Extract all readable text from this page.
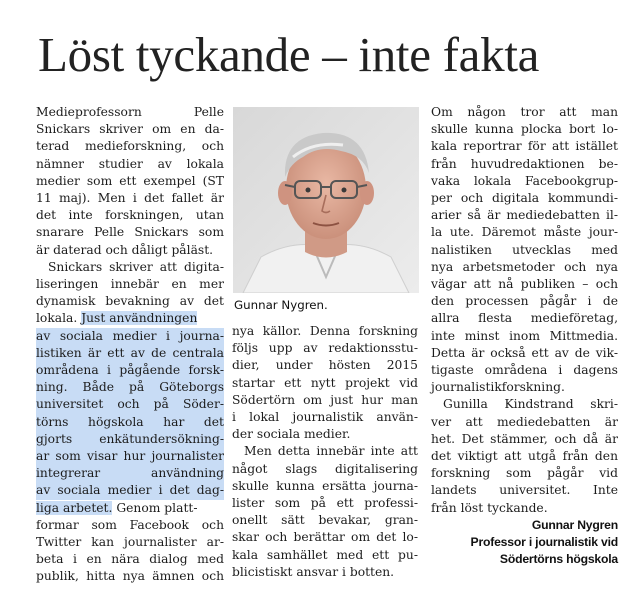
Löst tyckande – inte fakta
Medieprofessorn Pelle
Snickars skriver om en da-
terad medieforskning, och
nämner studier av lokala
medier som ett exempel (ST
11 maj). Men i det fallet är
det inte forskningen, utan
snarare Pelle Snickars som
är daterad och dåligt påläst.
Snickars skriver att digita-
liseringen innebär en mer
dynamisk bevakning av det
lokala. Just användningen
av sociala medier i journa-
listiken är ett av de centrala
områdena i pågående forsk-
ning. Både på Göteborgs
universitet och på Söder-
törns högskola har det
gjorts enkätundersökning-
ar som visar hur journalister
integrerar användning
av sociala medier i det dag-
liga arbetet. Genom platt-
formar som Facebook och
Twitter kan journalister ar-
beta i en nära dialog med
publik, hitta nya ämnen och
Gunnar Nygren.
nya källor. Denna forskning
följs upp av redaktionsstu-
dier, under hösten 2015
startar ett nytt projekt vid
Södertörn om just hur man
i lokal journalistik använ-
der sociala medier.
Men detta innebär inte att
något slags digitalisering
skulle kunna ersätta journa-
lister som på ett professi-
onellt sätt bevakar, gran-
skar och berättar om det lo-
kala samhället med ett pu-
blicistiskt ansvar i botten.
Om någon tror att man
skulle kunna plocka bort lo-
kala reportrar för att istället
från huvudredaktionen be-
vaka lokala Facebookgrup-
per och digitala kommundi-
arier så är mediedebatten il-
la ute. Däremot måste jour-
nalistiken utvecklas med
nya arbetsmetoder och nya
vägar att nå publiken – och
den processen pågår i de
allra flesta medieföretag,
inte minst inom Mittmedia.
Detta är också ett av de vik-
tigaste områdena i dagens
journalistikforskning.
Gunilla Kindstrand skri-
ver att mediedebatten är
het. Det stämmer, och då är
det viktigt att utgå från den
forskning som pågår vid
landets universitet. Inte
från löst tyckande.
Gunnar Nygren
Professor i journalistik vid
Södertörns högskola
